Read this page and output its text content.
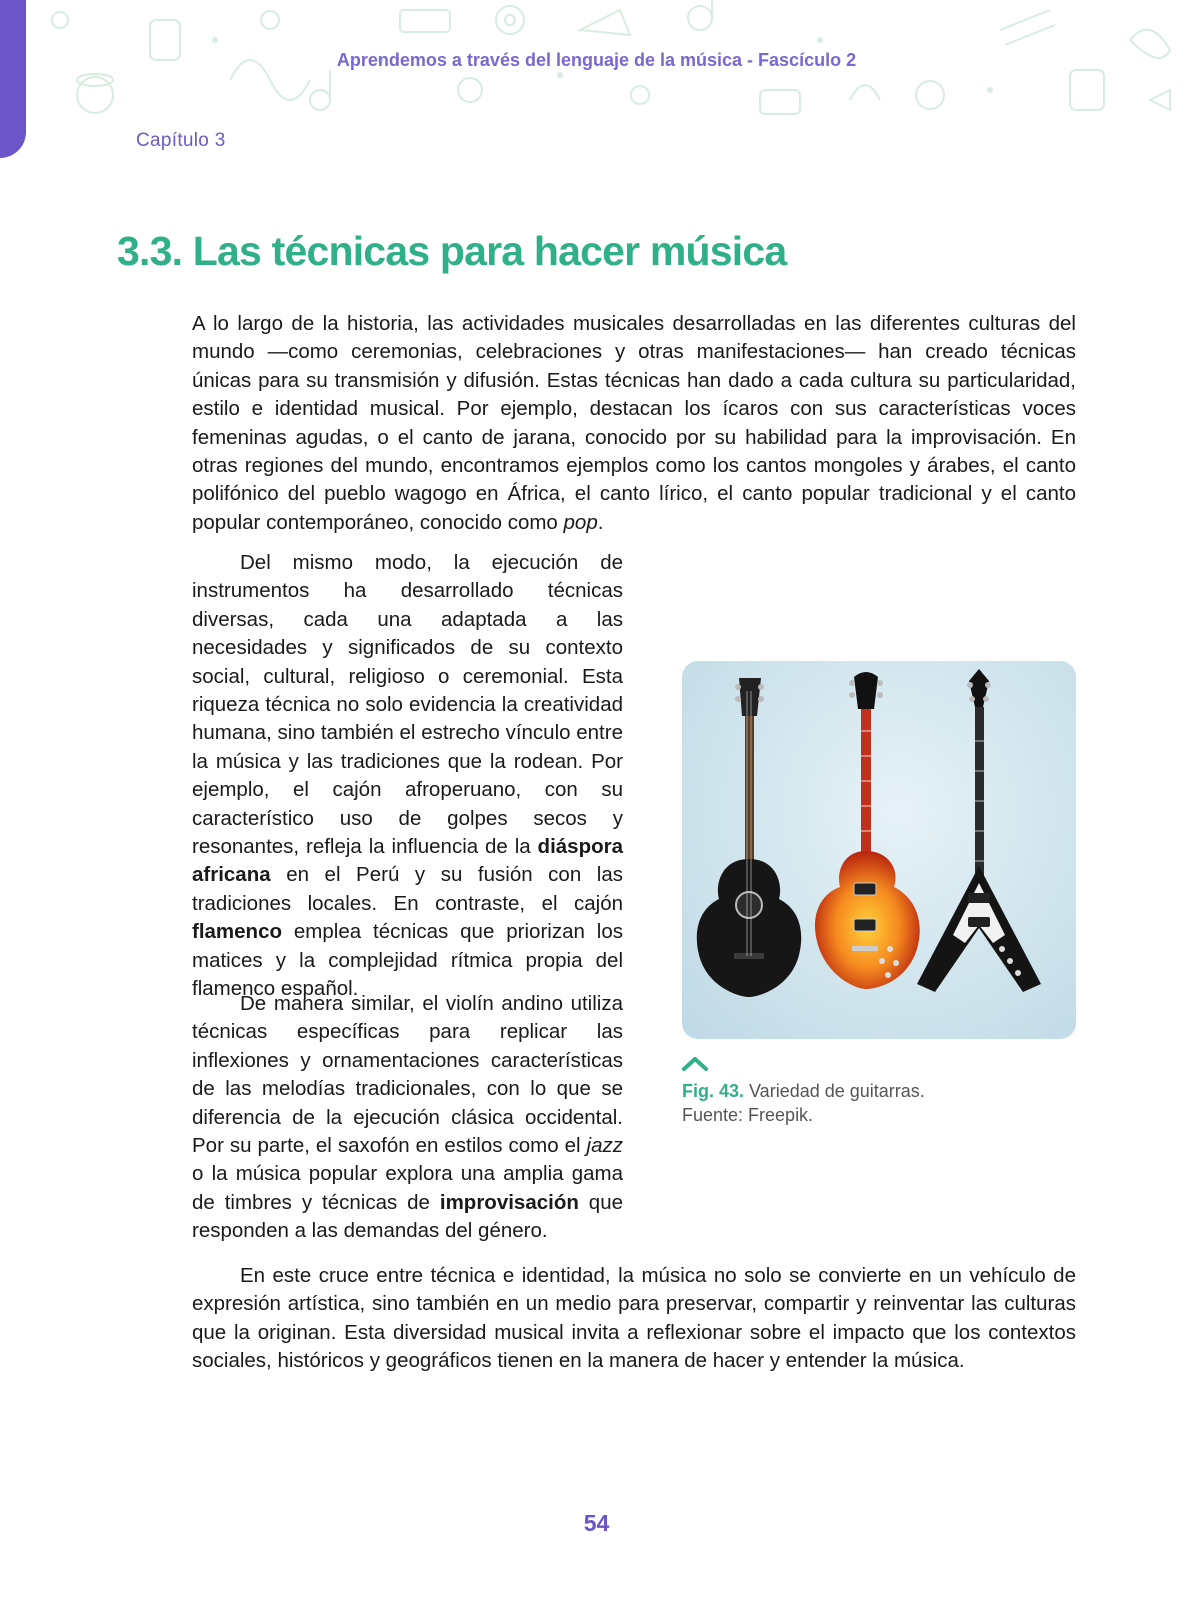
Aprendemos a través del lenguaje de la música - Fascículo 2
Capítulo 3
3.3. Las técnicas para hacer música

A lo largo de la historia, las actividades musicales desarrolladas en las diferentes culturas del mundo —como ceremonias, celebraciones y otras manifestaciones— han creado técnicas únicas para su transmisión y difusión. Estas técnicas han dado a cada cultura su particularidad, estilo e identidad musical. Por ejemplo, destacan los ícaros con sus características voces femeninas agudas, o el canto de jarana, conocido por su habilidad para la improvisación. En otras regiones del mundo, encontramos ejemplos como los cantos mongoles y árabes, el canto polifónico del pueblo wagogo en África, el canto lírico, el canto popular tradicional y el canto popular contemporáneo, conocido como pop.

Del mismo modo, la ejecución de instrumentos ha desarrollado técnicas diversas, cada una adaptada a las necesidades y significados de su contexto social, cultural, religioso o ceremonial. Esta riqueza técnica no solo evidencia la creatividad humana, sino también el estrecho vínculo entre la música y las tradiciones que la rodean. Por ejemplo, el cajón afroperuano, con su característico uso de golpes secos y resonantes, refleja la influencia de la diáspora africana en el Perú y su fusión con las tradiciones locales. En contraste, el cajón flamenco emplea técnicas que priorizan los matices y la complejidad rítmica propia del flamenco español.

De manera similar, el violín andino utiliza técnicas específicas para replicar las inflexiones y ornamentaciones características de las melodías tradicionales, con lo que se diferencia de la ejecución clásica occidental. Por su parte, el saxofón en estilos como el jazz o la música popular explora una amplia gama de timbres y técnicas de improvisación que responden a las demandas del género.

En este cruce entre técnica e identidad, la música no solo se convierte en un vehículo de expresión artística, sino también en un medio para preservar, compartir y reinventar las culturas que la originan. Esta diversidad musical invita a reflexionar sobre el impacto que los contextos sociales, históricos y geográficos tienen en la manera de hacer y entender la música.

Fig. 43. Variedad de guitarras.
Fuente: Freepik.
54
